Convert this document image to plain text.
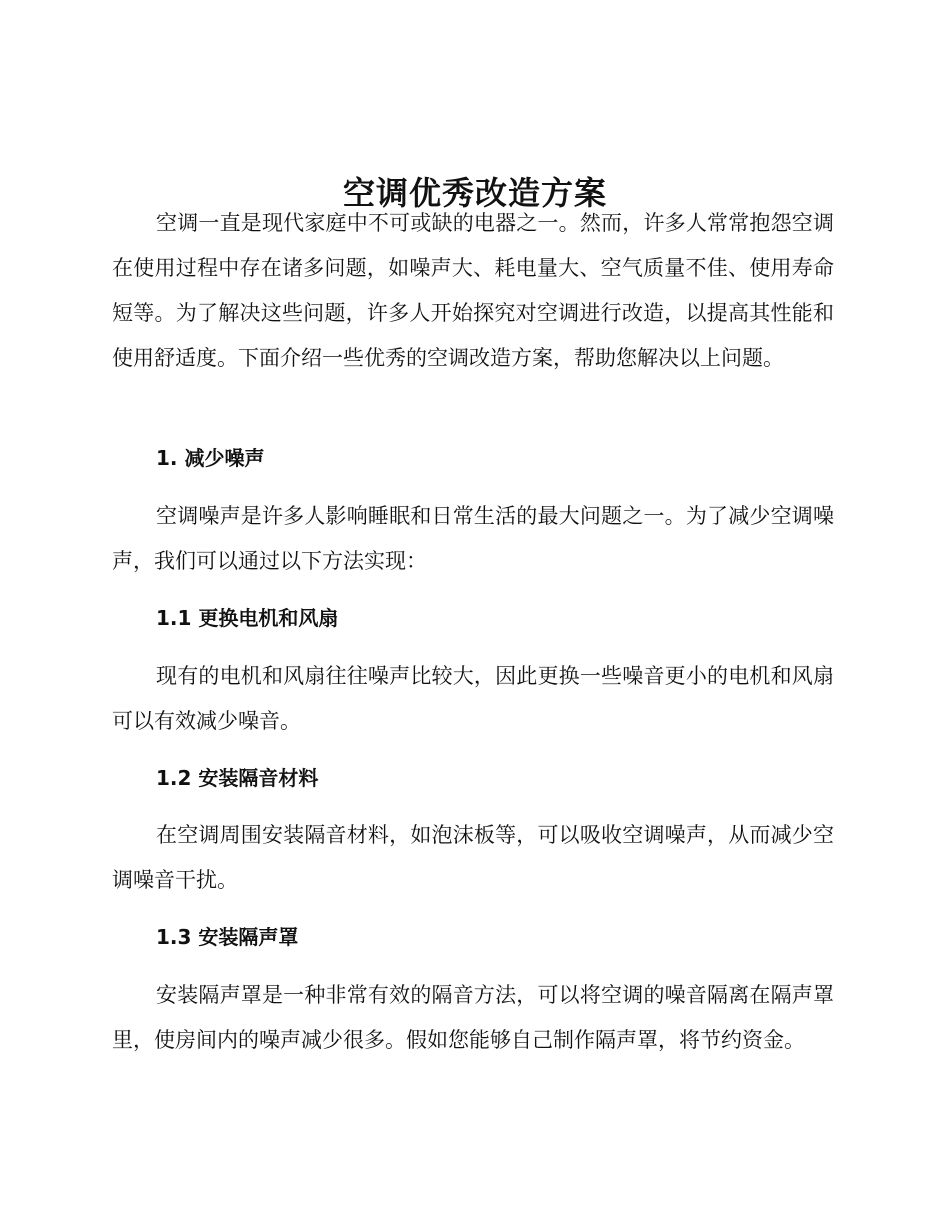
空调优秀改造方案

空调一直是现代家庭中不可或缺的电器之一。然而，许多人常常抱怨空调在使用过程中存在诸多问题，如噪声大、耗电量大、空气质量不佳、使用寿命短等。为了解决这些问题，许多人开始探究对空调进行改造，以提高其性能和使用舒适度。下面介绍一些优秀的空调改造方案，帮助您解决以上问题。

1. 减少噪声

空调噪声是许多人影响睡眠和日常生活的最大问题之一。为了减少空调噪声，我们可以通过以下方法实现：

1.1 更换电机和风扇

现有的电机和风扇往往噪声比较大，因此更换一些噪音更小的电机和风扇可以有效减少噪音。

1.2 安装隔音材料

在空调周围安装隔音材料，如泡沫板等，可以吸收空调噪声，从而减少空调噪音干扰。

1.3 安装隔声罩

安装隔声罩是一种非常有效的隔音方法，可以将空调的噪音隔离在隔声罩里，使房间内的噪声减少很多。假如您能够自己制作隔声罩，将节约资金。
